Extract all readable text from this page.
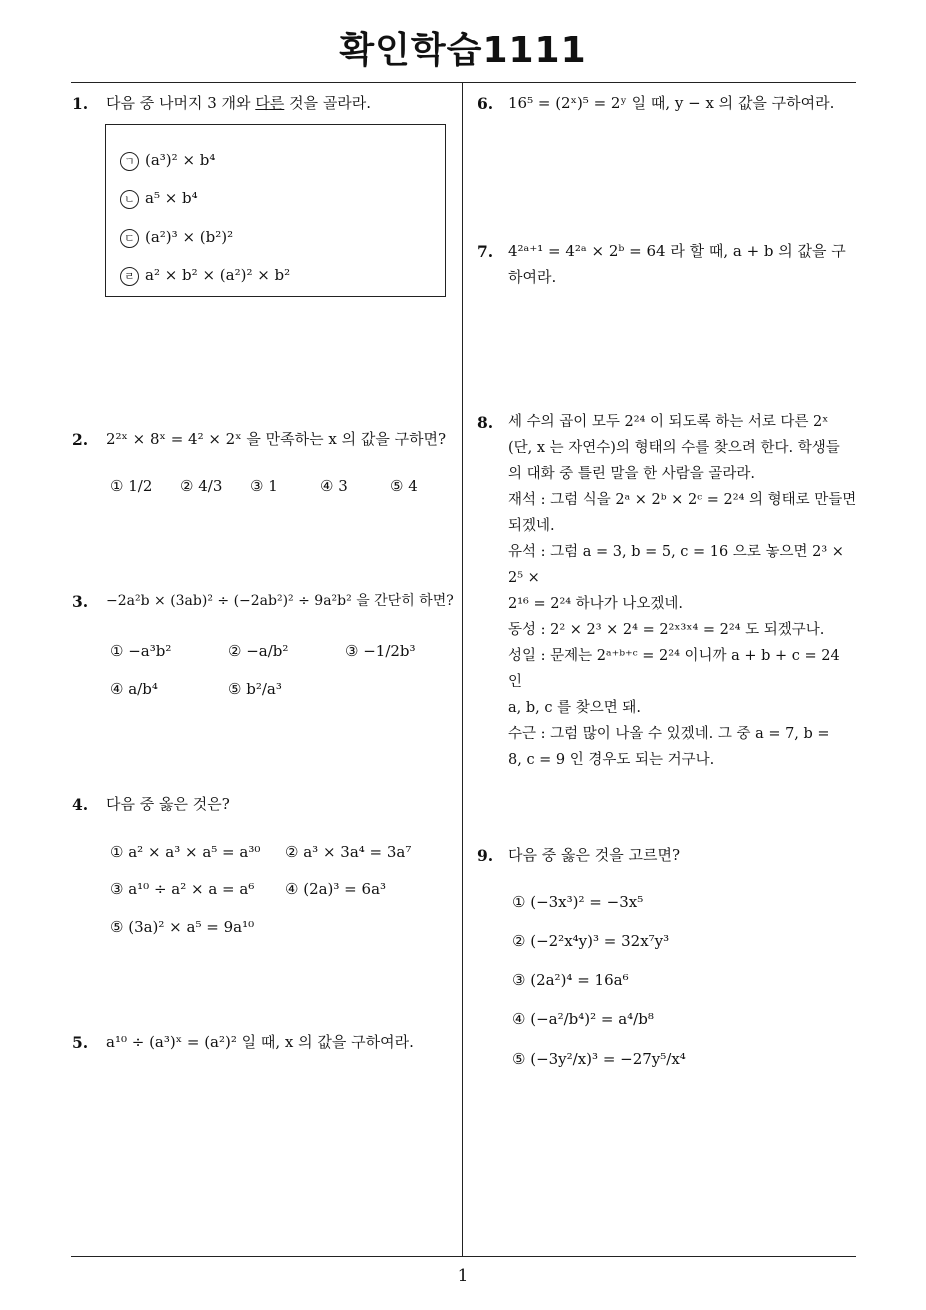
확인학습1111
1
1. 다음 중 나머지 3 개와 다른 것을 골라라.
ㄱ (a³)² × b⁴
ㄴ a⁵ × b⁴
ㄷ (a²)³ × (b²)²
ㄹ a² × b² × (a²)² × b²
2. 2²ˣ × 8ˣ = 4² × 2ˣ 을 만족하는 x 의 값을 구하면?
① 1/2 ② 4/3 ③ 1	④ 3	⑤ 4
3. −2a²b × (3ab)² ÷ (−2ab²)² ÷ 9a²b² 을 간단히 하면?
① −a³b²	② −a/b²	③ −1/2b³
④ a/b⁴	⑤ b²/a³
4. 다음 중 옳은 것은?
① a² × a³ × a⁵ = a³⁰ ② a³ × 3a⁴ = 3a⁷
③ a¹⁰ ÷ a² × a = a⁶ ④ (2a)³ = 6a³
⑤ (3a)² × a⁵ = 9a¹⁰
5. a¹⁰ ÷ (a³)ˣ = (a²)² 일 때, x 의 값을 구하여라.
6. 16⁵ = (2ˣ)⁵ = 2ʸ 일 때, y − x 의 값을 구하여라.
7. 4²ᵃ⁺¹ = 4²ᵃ × 2ᵇ = 64 라 할 때, a + b 의 값을 구하여라.
8. 세 수의 곱이 모두 2²⁴ 이 되도록 하는 서로 다른 2ˣ
(단, x 는 자연수)의 형태의 수를 찾으려 한다. 학생들
의 대화 중 틀린 말을 한 사람을 골라라.
재석 : 그럼 식을 2ᵃ × 2ᵇ × 2ᶜ = 2²⁴ 의 형태로 만들면
되겠네.
유석 : 그럼 a = 3, b = 5, c = 16 으로 놓으면 2³ × 2⁵ ×
2¹⁶ = 2²⁴ 하나가 나오겠네.
동성 : 2² × 2³ × 2⁴ = 2²ˣ³ˣ⁴ = 2²⁴ 도 되겠구나.
성일 : 문제는 2ᵃ⁺ᵇ⁺ᶜ = 2²⁴ 이니까 a + b + c = 24 인
a, b, c 를 찾으면 돼.
수근 : 그럼 많이 나올 수 있겠네. 그 중 a = 7, b =
8, c = 9 인 경우도 되는 거구나.
9. 다음 중 옳은 것을 고르면?
① (−3x³)² = −3x⁵
② (−2²x⁴y)³ = 32x⁷y³
③ (2a²)⁴ = 16a⁶
④ (−a²/b⁴)² = a⁴/b⁸
⑤ (−3y²/x)³ = −27y⁵/x⁴
